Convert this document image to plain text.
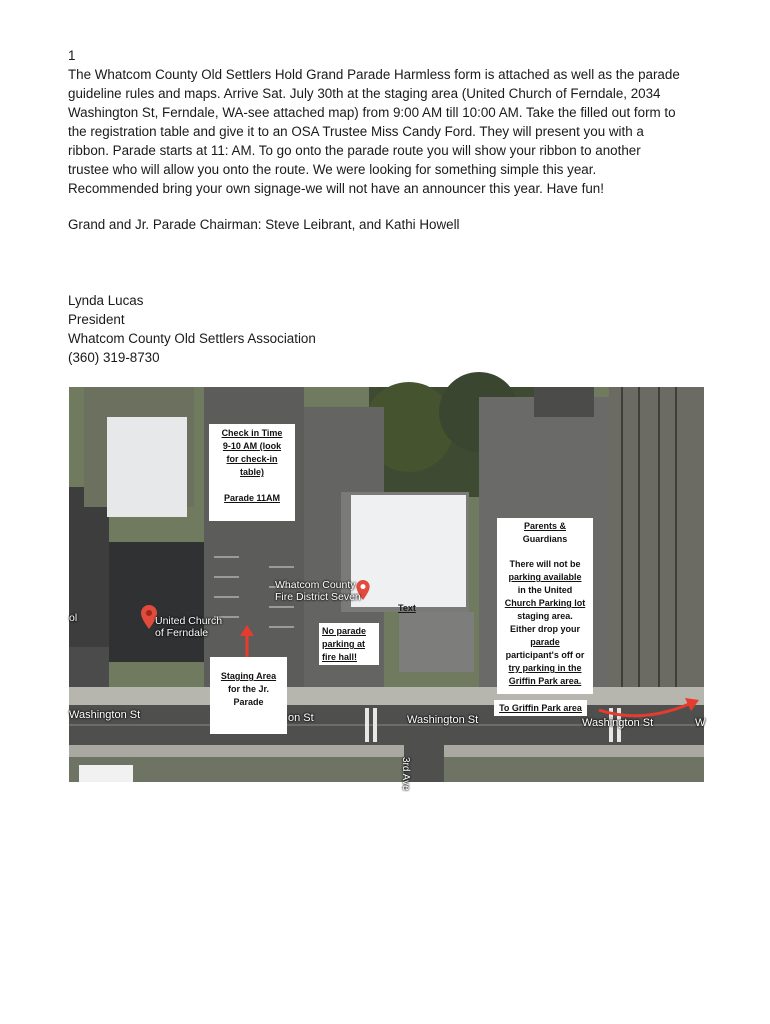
1

The Whatcom County Old Settlers Hold Grand Parade Harmless form is attached as well as the parade

guideline rules and maps. Arrive Sat. July 30th at the staging area (United Church of Ferndale, 2034

Washington St, Ferndale, WA-see attached map) from 9:00 AM till 10:00 AM. Take the filled out form to

the registration table and give it to an OSA Trustee Miss Candy Ford. They will present you with a

ribbon. Parade starts at 11: AM. To go onto the parade route you will show your ribbon to another

trustee who will allow you onto the route. We were looking for something simple this year.

Recommended bring your own signage-we will not have an announcer this year. Have fun!

Grand and Jr. Parade Chairman: Steve Leibrant, and Kathi Howell

Lynda Lucas

President

Whatcom County Old Settlers Association

(360) 319-8730

United Church
of Ferndale
Whatcom County
Fire District Seven
ol
Washington St	on St	Washington St	Washington St	W
3rd Ave
Text
Check in Time
9-10 AM (look
for check-in
table)
Parade 11AM
Staging Area
for the Jr.
Parade
No parade
parking at
fire hall!
Parents &
Guardians
There will not be
parking available
in the United
Church Parking lot
staging area.
Either drop your
parade
participant's off or
try parking in the
Griffin Park area.
To Griffin Park area
